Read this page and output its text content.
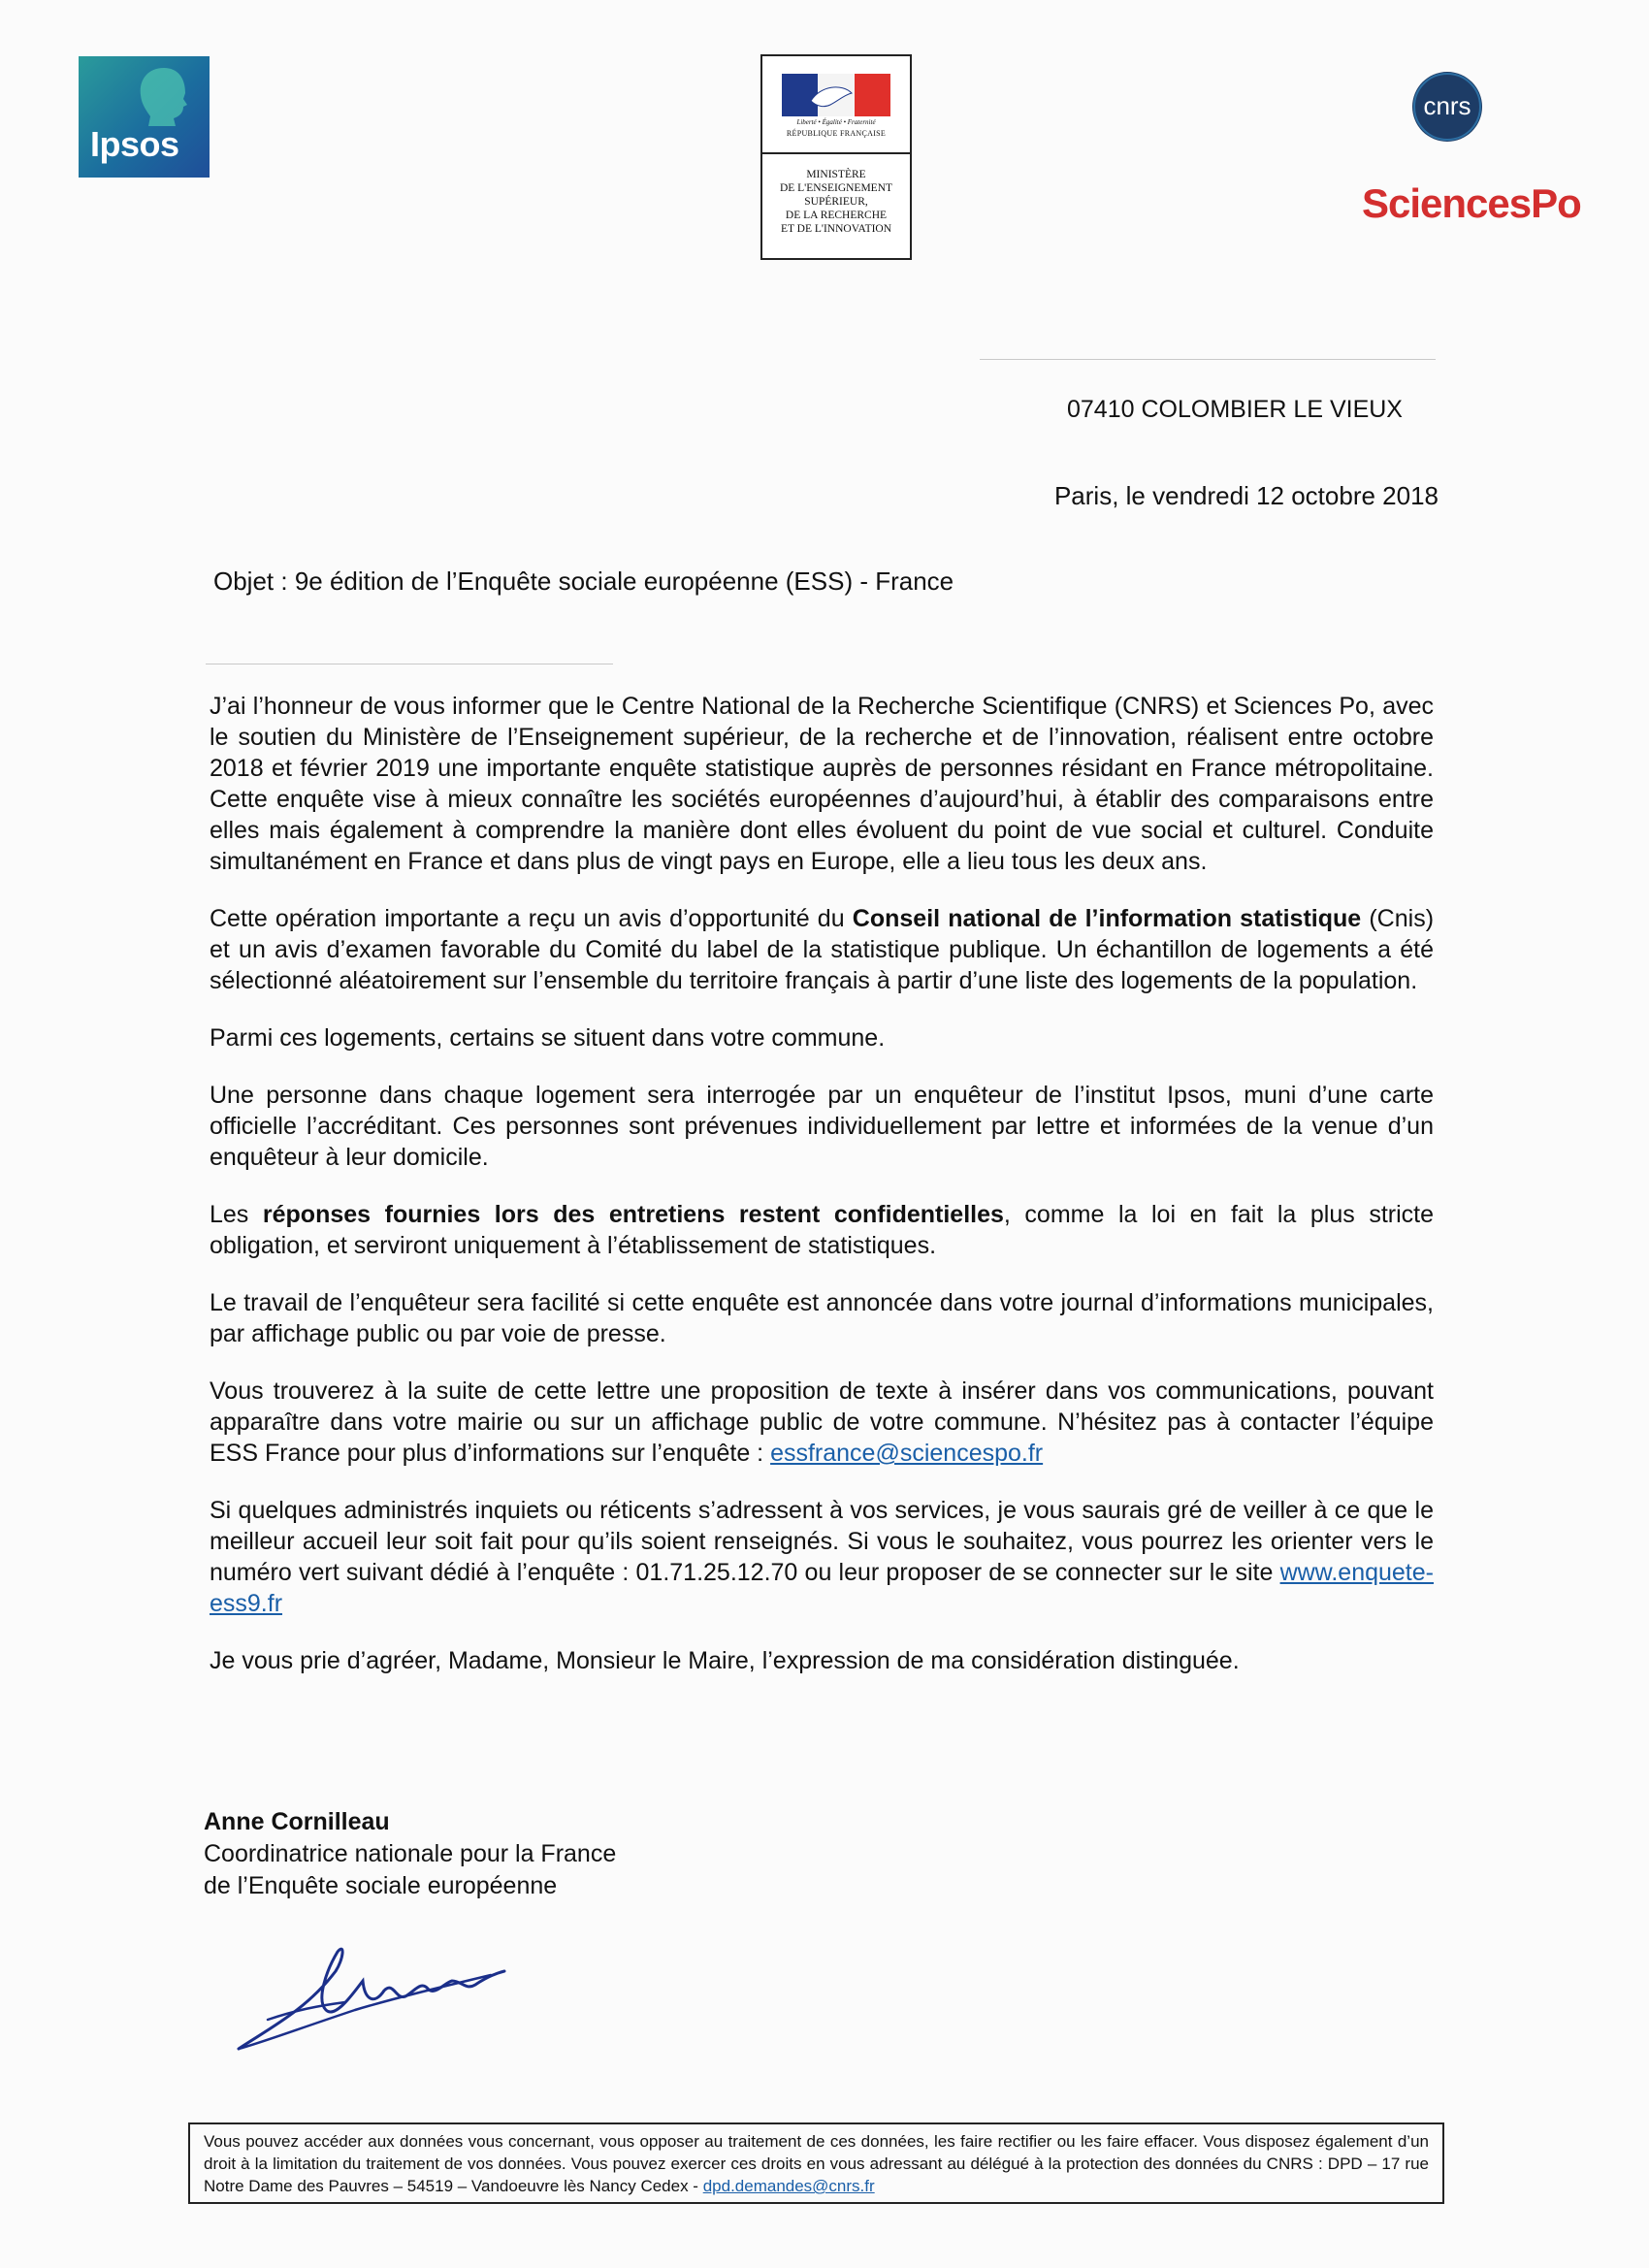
Ipsos
Liberté • Égalité • Fraternité
RÉPUBLIQUE FRANÇAISE
MINISTÈRE
DE L'ENSEIGNEMENT
SUPÉRIEUR,
DE LA RECHERCHE
ET DE L'INNOVATION
cnrs
SciencesPo
07410 COLOMBIER LE VIEUX
Paris, le vendredi 12 octobre 2018
Objet : 9e édition de l’Enquête sociale européenne (ESS) - France

J’ai l’honneur de vous informer que le Centre National de la Recherche Scientifique (CNRS) et Sciences Po, avec le soutien du Ministère de l’Enseignement supérieur, de la recherche et de l’innovation, réalisent entre octobre 2018 et février 2019 une importante enquête statistique auprès de personnes résidant en France métropolitaine. Cette enquête vise à mieux connaître les sociétés européennes d’aujourd’hui, à établir des comparaisons entre elles mais également à comprendre la manière dont elles évoluent du point de vue social et culturel. Conduite simultanément en France et dans plus de vingt pays en Europe, elle a lieu tous les deux ans.

Cette opération importante a reçu un avis d’opportunité du Conseil national de l’information statistique (Cnis) et un avis d’examen favorable du Comité du label de la statistique publique. Un échantillon de logements a été sélectionné aléatoirement sur l’ensemble du territoire français à partir d’une liste des logements de la population.

Parmi ces logements, certains se situent dans votre commune.

Une personne dans chaque logement sera interrogée par un enquêteur de l’institut Ipsos, muni d’une carte officielle l’accréditant. Ces personnes sont prévenues individuellement par lettre et informées de la venue d’un enquêteur à leur domicile.

Les réponses fournies lors des entretiens restent confidentielles, comme la loi en fait la plus stricte obligation, et serviront uniquement à l’établissement de statistiques.

Le travail de l’enquêteur sera facilité si cette enquête est annoncée dans votre journal d’informations municipales, par affichage public ou par voie de presse.

Vous trouverez à la suite de cette lettre une proposition de texte à insérer dans vos communications, pouvant apparaître dans votre mairie ou sur un affichage public de votre commune. N’hésitez pas à contacter l’équipe ESS France pour plus d’informations sur l’enquête : essfrance@sciencespo.fr

Si quelques administrés inquiets ou réticents s’adressent à vos services, je vous saurais gré de veiller à ce que le meilleur accueil leur soit fait pour qu’ils soient renseignés. Si vous le souhaitez, vous pourrez les orienter vers le numéro vert suivant dédié à l’enquête : 01.71.25.12.70 ou leur proposer de se connecter sur le site www.enquete-ess9.fr

Je vous prie d’agréer, Madame, Monsieur le Maire, l’expression de ma considération distinguée.

Anne Cornilleau
Coordinatrice nationale pour la France
de l’Enquête sociale européenne
Vous pouvez accéder aux données vous concernant, vous opposer au traitement de ces données, les faire rectifier ou les faire effacer. Vous disposez également d’un droit à la limitation du traitement de vos données. Vous pouvez exercer ces droits en vous adressant au délégué à la protection des données du CNRS : DPD – 17 rue Notre Dame des Pauvres – 54519 – Vandoeuvre lès Nancy Cedex - dpd.demandes@cnrs.fr
